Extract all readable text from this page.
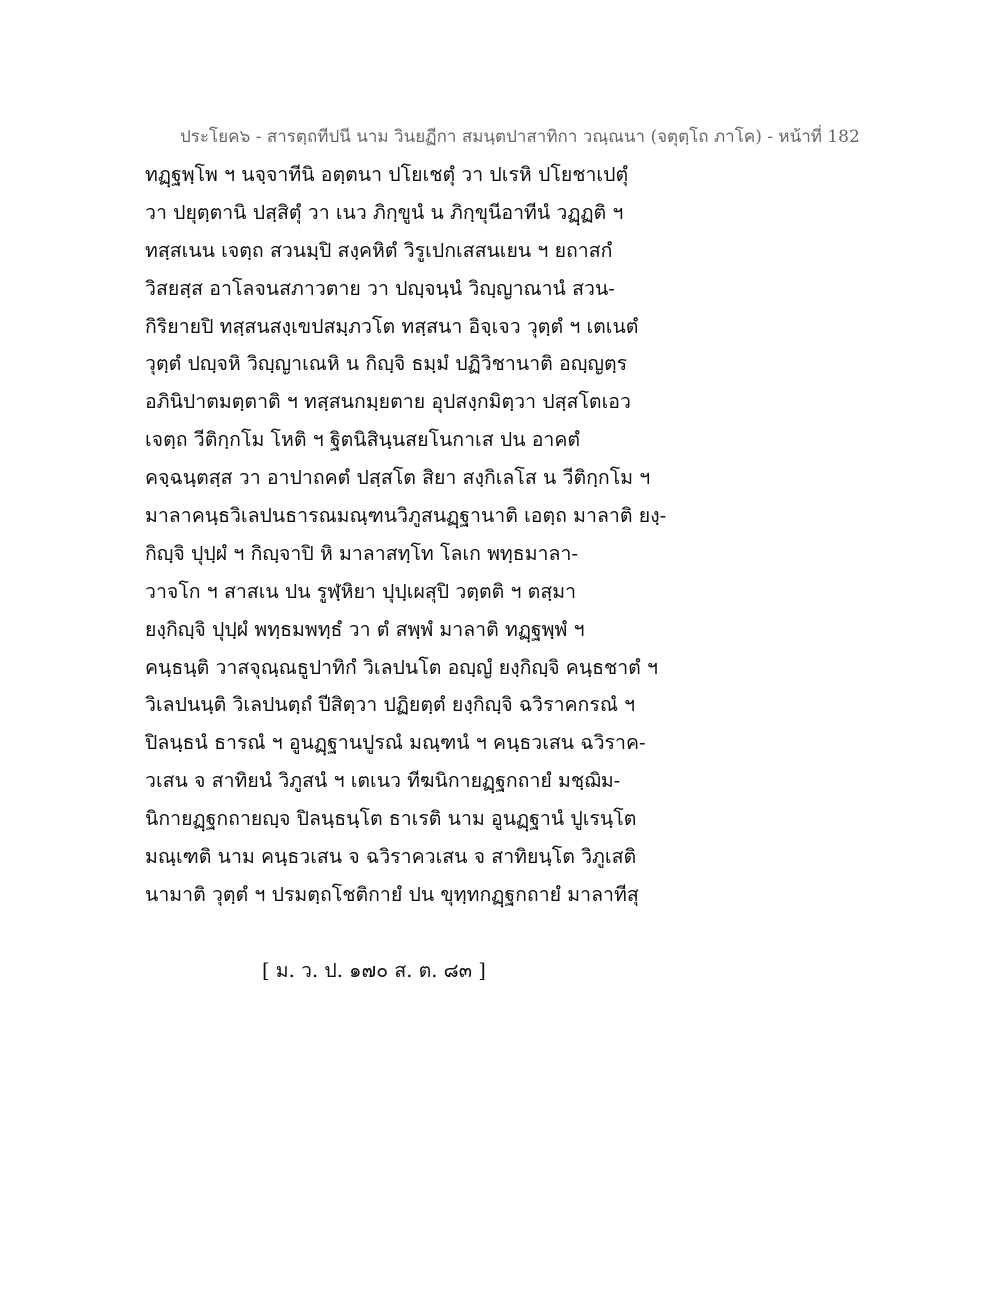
ประโยค๖ - สารตฺถทีปนี นาม วินยฏีกา สมนฺตปาสาทิกา วณฺณนา (จตุตฺโถ ภาโค) - หน้าที่ 182
ทฏฺฐพฺโพ ฯ นจฺจาทีนิ อตฺตนา ปโยเชตุํ วา ปเรหิ ปโยชาเปตุํ
วา ปยุตฺตานิ ปสฺสิตุํ วา เนว ภิกฺขูนํ น ภิกฺขุนีอาทีนํ วฏฺฏติ ฯ
ทสฺสเนน เจตฺถ สวนมฺปิ สงฺคหิตํ วิรูเปกเสสนเยน ฯ ยถาสกํ
วิสยสฺส อาโลจนสภาวตาย วา ปญฺจนฺนํ วิญฺญาณานํ สวน-
กิริยายปิ ทสฺสนสงฺเขปสมฺภวโต ทสฺสนา อิจฺเจว วุตฺตํ ฯ เตเนตํ
วุตฺตํ ปญฺจหิ วิญฺญาเณหิ น กิญฺจิ ธมฺมํ ปฏิวิชานาติ อญฺญตฺร
อภินิปาตมตฺตาติ ฯ ทสฺสนกมฺยตาย อุปสงฺกมิตฺวา ปสฺสโตเอว
เจตฺถ วีติกฺกโม โหติ ฯ ฐิตนิสินฺนสยโนกาเส ปน อาคตํ
คจฺฉนฺตสฺส วา อาปาถคตํ ปสฺสโต สิยา สงฺกิเลโส น วีติกฺกโม ฯ
มาลาคนฺธวิเลปนธารณมณฺฑนวิภูสนฏฺฐานาติ เอตฺถ มาลาติ ยงฺ-
กิญฺจิ ปุปฺผํ ฯ กิญฺจาปิ หิ มาลาสทฺโท โลเก พทฺธมาลา-
วาจโก ฯ สาสเน ปน รูฬฺหิยา ปุปฺเผสุปิ วตฺตติ ฯ ตสฺมา
ยงฺกิญฺจิ ปุปฺผํ พทฺธมพทฺธํ วา ตํ สพฺพํ มาลาติ ทฏฺฐพฺพํ ฯ
คนฺธนฺติ วาสจุณฺณธูปาทิกํ วิเลปนโต อญฺญํ ยงฺกิญฺจิ คนฺธชาตํ ฯ
วิเลปนนฺติ วิเลปนตฺถํ ปีสิตฺวา ปฏิยตฺตํ ยงฺกิญฺจิ ฉวิราคกรณํ ฯ
ปิลนฺธนํ ธารณํ ฯ อูนฏฺฐานปูรณํ มณฺฑนํ ฯ คนฺธวเสน ฉวิราค-
วเสน จ สาทิยนํ วิภูสนํ ฯ เตเนว ทีฆนิกายฏฺฐกถายํ มชฺฌิม-
นิกายฏฺฐกถายญฺจ ปิลนฺธนฺโต ธาเรติ นาม อูนฏฺฐานํ ปูเรนฺโต
มณฺเฑติ นาม คนฺธวเสน จ ฉวิราควเสน จ สาทิยนฺโต วิภูเสติ
นามาติ วุตฺตํ ฯ ปรมตฺถโชติกายํ ปน ขุทฺทกฏฺฐกถายํ มาลาทีสุ
[ ม. ว. ป. ๑๗๐ ส. ต. ๘๓ ]
